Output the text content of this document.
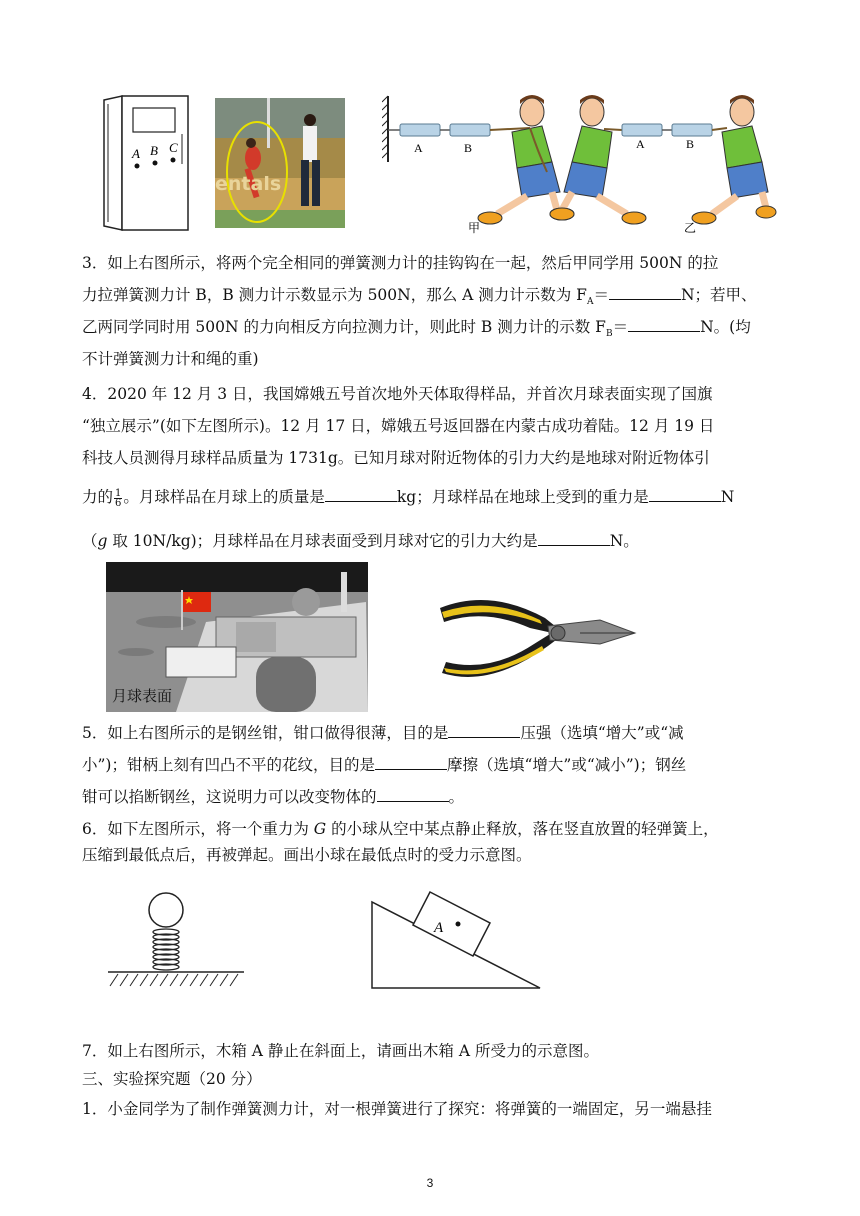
A B C
entals
A	B
甲
A	B
乙
3．如上右图所示，将两个完全相同的弹簧测力计的挂钩钩在一起，然后甲同学用 500N 的拉
力拉弹簧测力计 B，B 测力计示数显示为 500N，那么 A 测力计示数为 $F_A=$	N；若甲、
乙两同学同时用 500N 的力向相反方向拉测力计，则此时 B 测力计的示数 $F_B=$	N。(均
不计弹簧测力计和绳的重)
4．2020 年 12 月 3 日，我国嫦娥五号首次地外天体取得样品，并首次月球表面实现了国旗
“独立展示”(如下左图所示)。12 月 17 日，嫦娥五号返回器在内蒙古成功着陆。12 月 19 日
科技人员测得月球样品质量为 1731g。已知月球对附近物体的引力大约是地球对附近物体引
力的 $\frac{1}{6}$ 。月球样品在月球上的质量是	kg；月球样品在地球上受到的重力是	N
（g 取 10N/kg)；月球样品在月球表面受到月球对它的引力大约是	N。
月球表面
5．如上右图所示的是钢丝钳，钳口做得很薄，目的是	压强（选填“增大”或“减
小”)；钳柄上刻有凹凸不平的花纹，目的是	摩擦（选填“增大”或“减小”)；钢丝
钳可以掐断钢丝，这说明力可以改变物体的	。
6．如下左图所示，将一个重力为 G 的小球从空中某点静止释放，落在竖直放置的轻弹簧上，
压缩到最低点后，再被弹起。画出小球在最低点时的受力示意图。
A
7．如上右图所示，木箱 A 静止在斜面上，请画出木箱 A 所受力的示意图。
三、实验探究题（20 分）
1．小金同学为了制作弹簧测力计，对一根弹簧进行了探究：将弹簧的一端固定，另一端悬挂
3
